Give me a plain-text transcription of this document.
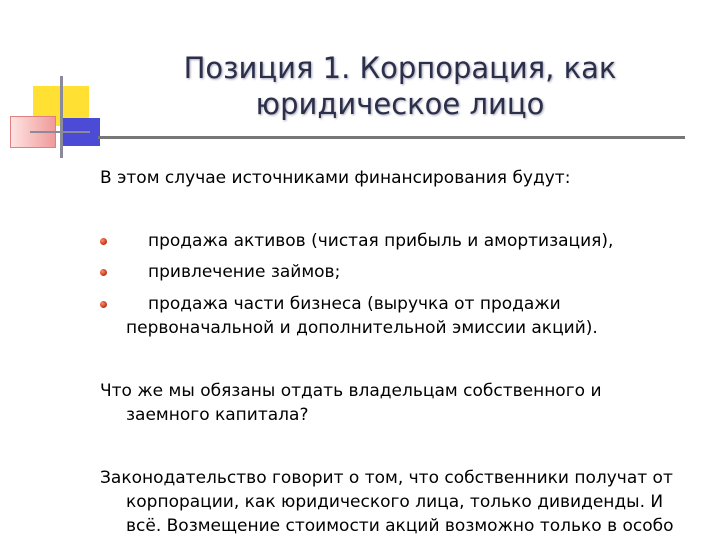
Позиция 1. Корпорация, как
юридическое лицо
В этом случае источниками финансирования будут:
продажа активов (чистая прибыль и амортизация),
привлечение займов;
продажа части бизнеса (выручка от продажи
первоначальной и дополнительной эмиссии акций).
Что же мы обязаны отдать владельцам собственного и
заемного капитала?
Законодательство говорит о том, что собственники получат от
корпорации, как юридического лица, только дивиденды. И
всё. Возмещение стоимости акций возможно только в особо
